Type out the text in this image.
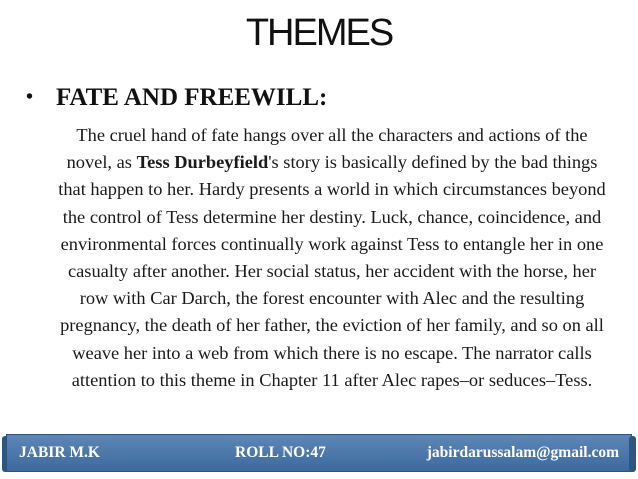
THEMES
• FATE AND FREEWILL:
The cruel hand of fate hangs over all the characters and actions of the novel, as Tess Durbeyfield's story is basically defined by the bad things that happen to her. Hardy presents a world in which circumstances beyond the control of Tess determine her destiny. Luck, chance, coincidence, and environmental forces continually work against Tess to entangle her in one casualty after another. Her social status, her accident with the horse, her row with Car Darch, the forest encounter with Alec and the resulting pregnancy, the death of her father, the eviction of her family, and so on all weave her into a web from which there is no escape. The narrator calls attention to this theme in Chapter 11 after Alec rapes–or seduces–Tess.
JABIR M.K	ROLL NO:47	jabirdarussalam@gmail.com
